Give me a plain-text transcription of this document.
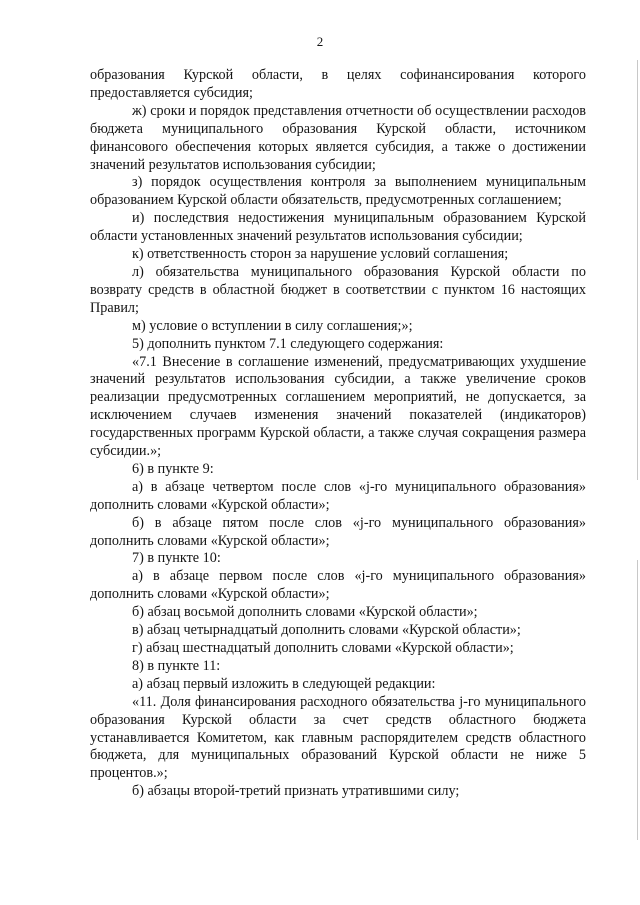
2

образования Курской области, в целях софинансирования которого предоставляется субсидия;

ж) сроки и порядок представления отчетности об осуществлении расходов бюджета муниципального образования Курской области, источником финансового обеспечения которых является субсидия, а также о достижении значений результатов использования субсидии;

з) порядок осуществления контроля за выполнением муниципальным образованием Курской области обязательств, предусмотренных соглашением;

и) последствия недостижения муниципальным образованием Курской области установленных значений результатов использования субсидии;

к) ответственность сторон за нарушение условий соглашения;

л) обязательства муниципального образования Курской области по возврату средств в областной бюджет в соответствии с пунктом 16 настоящих Правил;

м) условие о вступлении в силу соглашения;»;

5) дополнить пунктом 7.1 следующего содержания:

«7.1 Внесение в соглашение изменений, предусматривающих ухудшение значений результатов использования субсидии, а также увеличение сроков реализации предусмотренных соглашением мероприятий, не допускается, за исключением случаев изменения значений показателей (индикаторов) государственных программ Курской области, а также случая сокращения размера субсидии.»;

6) в пункте 9:

а) в абзаце четвертом после слов «j-го муниципального образования» дополнить словами «Курской области»;

б) в абзаце пятом после слов «j-го муниципального образования» дополнить словами «Курской области»;

7) в пункте 10:

а) в абзаце первом после слов «j-го муниципального образования» дополнить словами «Курской области»;

б) абзац восьмой дополнить словами «Курской области»;

в) абзац четырнадцатый дополнить словами «Курской области»;

г) абзац шестнадцатый дополнить словами «Курской области»;

8) в пункте 11:

а) абзац первый изложить в следующей редакции:

«11. Доля финансирования расходного обязательства j-го муниципального образования Курской области за счет средств областного бюджета устанавливается Комитетом, как главным распорядителем средств областного бюджета, для муниципальных образований Курской области не ниже 5 процентов.»;

б) абзацы второй-третий признать утратившими силу;
